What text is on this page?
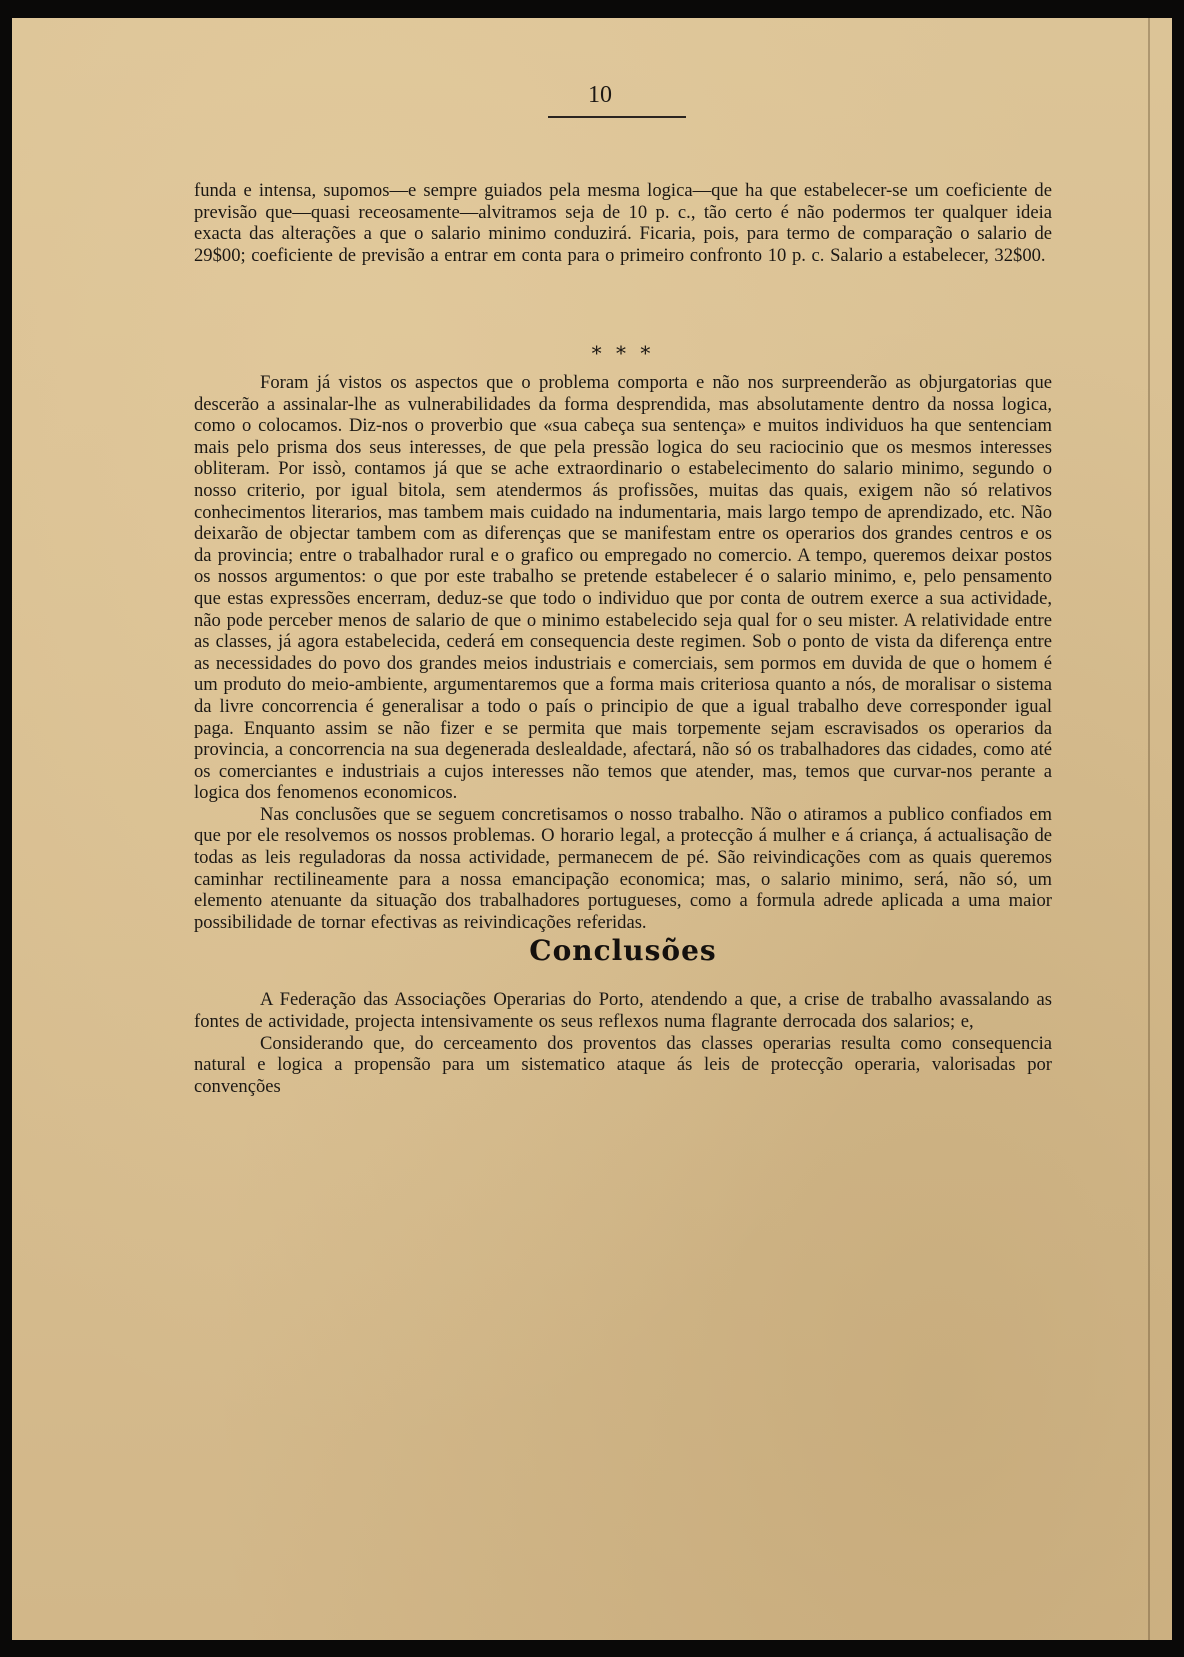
10

funda e intensa, supomos—e sempre guiados pela mesma logica—que ha que estabelecer-se um coeficiente de previsão que—quasi receosamente—alvitramos seja de 10 p. c., tão certo é não podermos ter qualquer ideia exacta das alterações a que o salario minimo conduzirá. Ficaria, pois, para termo de comparação o salario de 29$00; coeficiente de previsão a entrar em conta para o primeiro confronto 10 p. c. Salario a estabelecer, 32$00.

* * *

Foram já vistos os aspectos que o problema comporta e não nos surpreenderão as objurgatorias que descerão a assinalar-lhe as vulnerabilidades da forma desprendida, mas absolutamente dentro da nossa logica, como o colocamos. Diz-nos o proverbio que «sua cabeça sua sentença» e muitos individuos ha que sentenciam mais pelo prisma dos seus interesses, de que pela pressão logica do seu raciocinio que os mesmos interesses obliteram. Por issò, contamos já que se ache extraordinario o estabelecimento do salario minimo, segundo o nosso criterio, por igual bitola, sem atendermos ás profissões, muitas das quais, exigem não só relativos conhecimentos literarios, mas tambem mais cuidado na indumentaria, mais largo tempo de aprendizado, etc. Não deixarão de objectar tambem com as diferenças que se manifestam entre os operarios dos grandes centros e os da provincia; entre o trabalhador rural e o grafico ou empregado no comercio. A tempo, queremos deixar postos os nossos argumentos: o que por este trabalho se pretende estabelecer é o salario minimo, e, pelo pensamento que estas expressões encerram, deduz-se que todo o individuo que por conta de outrem exerce a sua actividade, não pode perceber menos de salario de que o minimo estabelecido seja qual for o seu mister. A relatividade entre as classes, já agora estabelecida, cederá em consequencia deste regimen. Sob o ponto de vista da diferença entre as necessidades do povo dos grandes meios industriais e comerciais, sem pormos em duvida de que o homem é um produto do meio-ambiente, argumentaremos que a forma mais criteriosa quanto a nós, de moralisar o sistema da livre concorrencia é generalisar a todo o país o principio de que a igual trabalho deve corresponder igual paga. Enquanto assim se não fizer e se permita que mais torpemente sejam escravisados os operarios da provincia, a concorrencia na sua degenerada deslealdade, afectará, não só os trabalhadores das cidades, como até os comerciantes e industriais a cujos interesses não temos que atender, mas, temos que curvar-nos perante a logica dos fenomenos economicos.

Nas conclusões que se seguem concretisamos o nosso trabalho. Não o atiramos a publico confiados em que por ele resolvemos os nossos problemas. O horario legal, a protecção á mulher e á criança, á actualisação de todas as leis reguladoras da nossa actividade, permanecem de pé. São reivindicações com as quais queremos caminhar rectilineamente para a nossa emancipação economica; mas, o salario minimo, será, não só, um elemento atenuante da situação dos trabalhadores portugueses, como a formula adrede aplicada a uma maior possibilidade de tornar efectivas as reivindicações referidas.

Conclusões

A Federação das Associações Operarias do Porto, atendendo a que, a crise de trabalho avassalando as fontes de actividade, projecta intensivamente os seus reflexos numa flagrante derrocada dos salarios; e,

Considerando que, do cerceamento dos proventos das classes operarias resulta como consequencia natural e logica a propensão para um sistematico ataque ás leis de protecção operaria, valorisadas por convenções
